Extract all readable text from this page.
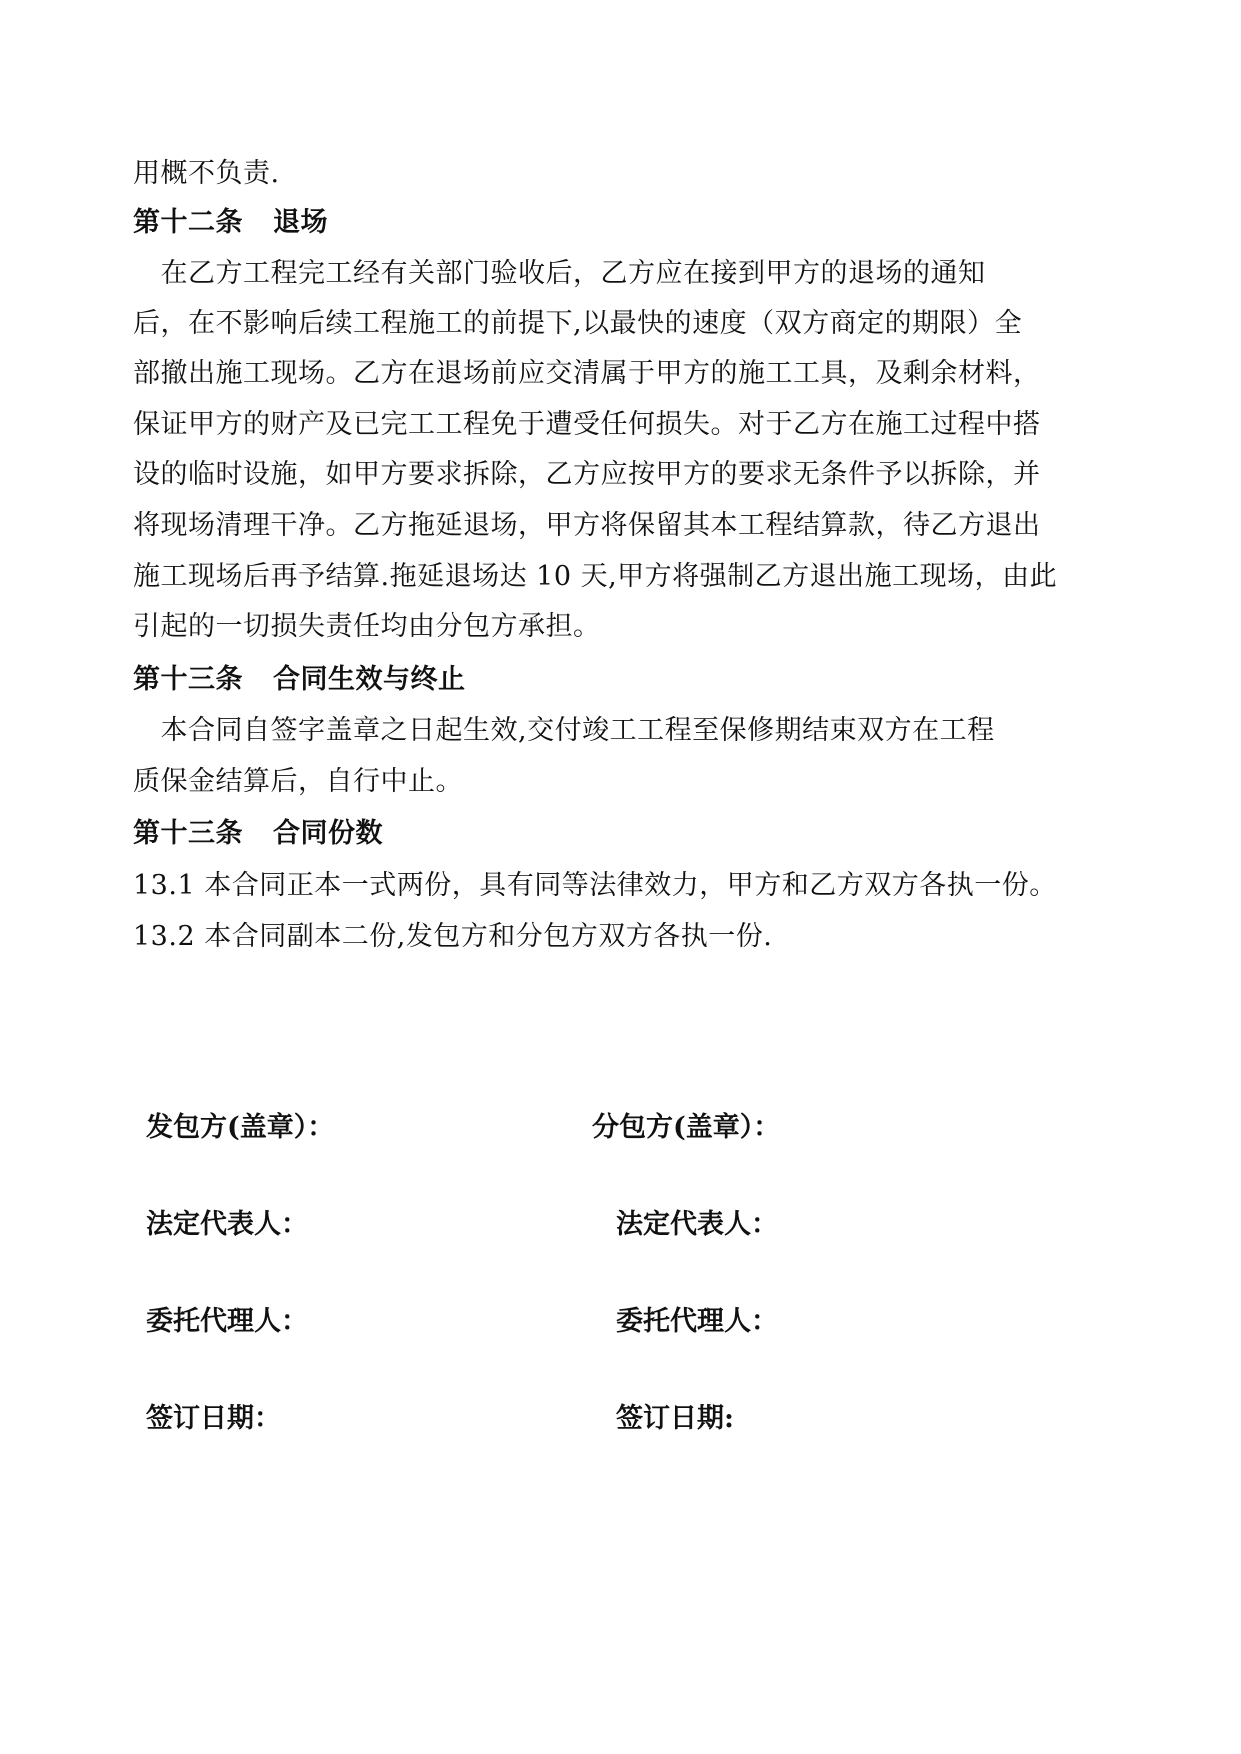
用概不负责.
第十二条 退场
　在乙方工程完工经有关部门验收后，乙方应在接到甲方的退场的通知
后，在不影响后续工程施工的前提下,以最快的速度（双方商定的期限）全
部撤出施工现场。乙方在退场前应交清属于甲方的施工工具，及剩余材料，
保证甲方的财产及已完工工程免于遭受任何损失。对于乙方在施工过程中搭
设的临时设施，如甲方要求拆除，乙方应按甲方的要求无条件予以拆除，并
将现场清理干净。乙方拖延退场，甲方将保留其本工程结算款，待乙方退出
施工现场后再予结算.拖延退场达 10 天,甲方将强制乙方退出施工现场，由此
引起的一切损失责任均由分包方承担。
第十三条 合同生效与终止
　本合同自签字盖章之日起生效,交付竣工工程至保修期结束双方在工程
质保金结算后，自行中止。
第十三条 合同份数
13.1 本合同正本一式两份，具有同等法律效力，甲方和乙方双方各执一份。
13.2 本合同副本二份,发包方和分包方双方各执一份.
发包方(盖章）：	分包方(盖章）：
法定代表人：	法定代表人：
委托代理人：	委托代理人：
签订日期：	签订日期:
